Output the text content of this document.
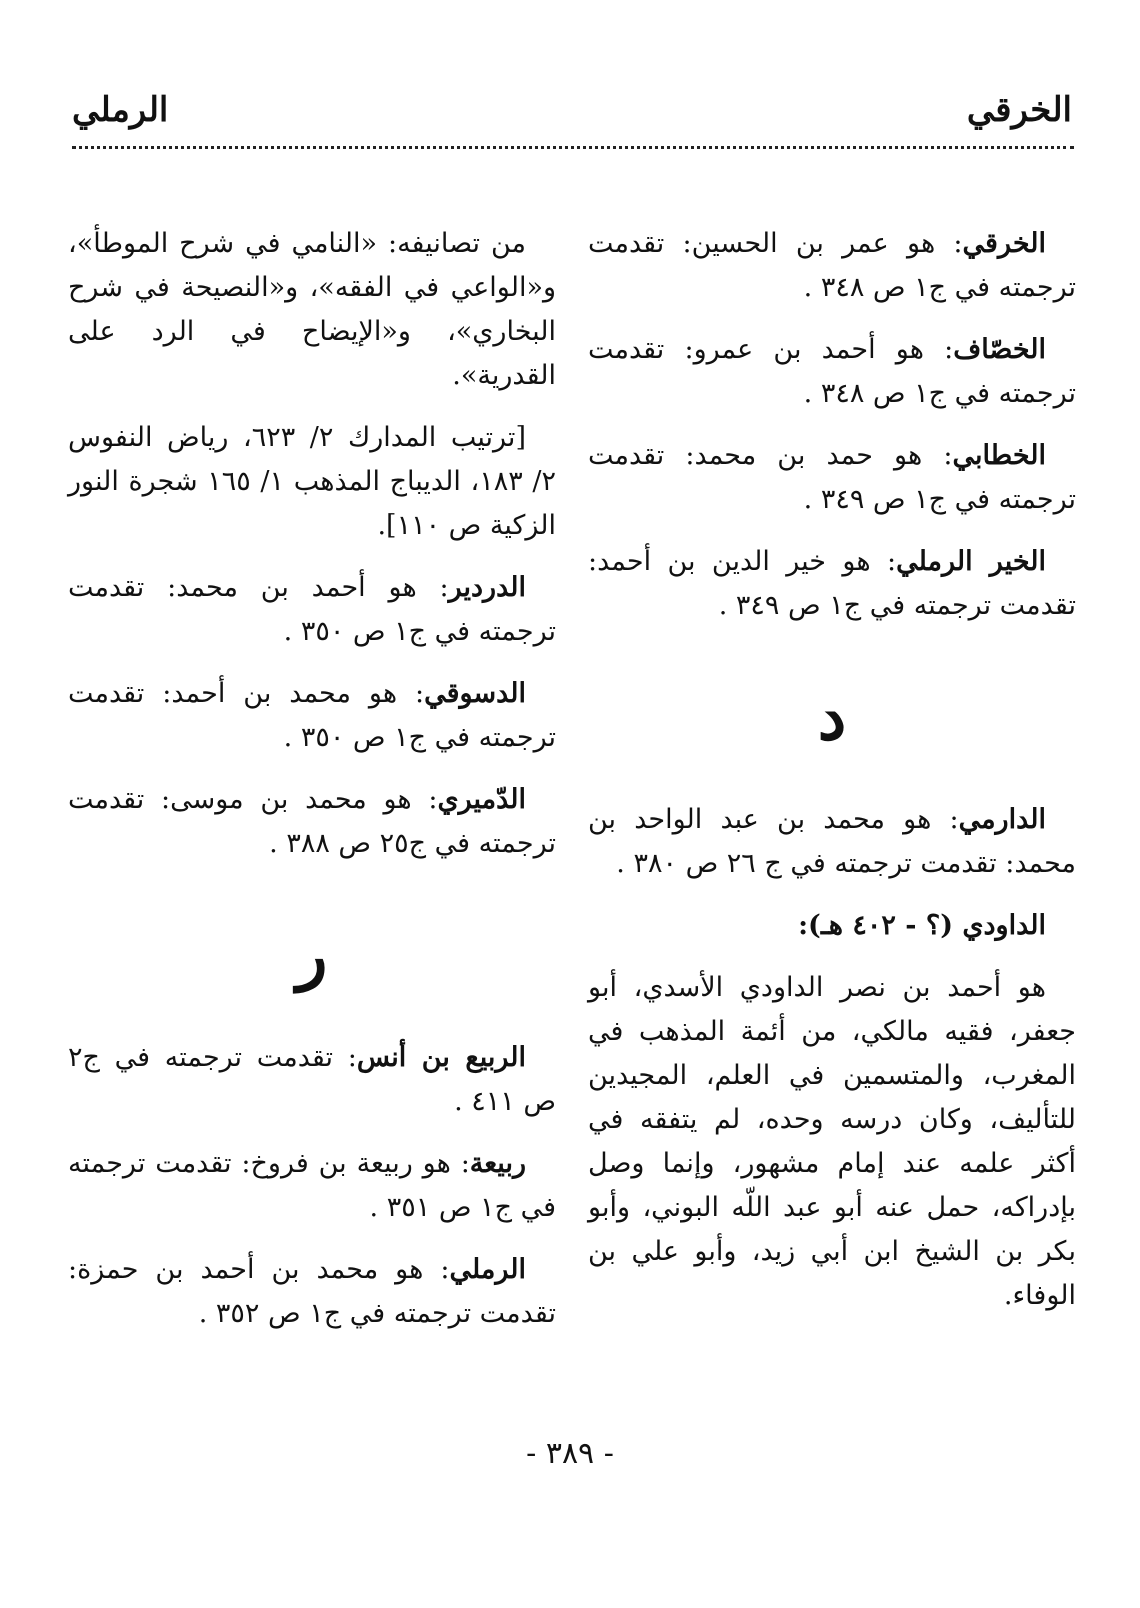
الخرقي
الرملي

الخرقي: هو عمر بن الحسين: تقدمت ترجمته في ج١ ص ٣٤٨ .

الخصّاف: هو أحمد بن عمرو: تقدمت ترجمته في ج١ ص ٣٤٨ .

الخطابي: هو حمد بن محمد: تقدمت ترجمته في ج١ ص ٣٤٩ .

الخير الرملي: هو خير الدين بن أحمد: تقدمت ترجمته في ج١ ص ٣٤٩ .

د

الدارمي: هو محمد بن عبد الواحد بن محمد: تقدمت ترجمته في ج ٢٦ ص ٣٨٠ .

الداودي (؟ - ٤٠٢ هـ):

هو أحمد بن نصر الداودي الأسدي، أبو جعفر، فقيه مالكي، من أئمة المذهب في المغرب، والمتسمين في العلم، المجيدين للتأليف، وكان درسه وحده، لم يتفقه في أكثر علمه عند إمام مشهور، وإنما وصل بإدراكه، حمل عنه أبو عبد اللّه البوني، وأبو بكر بن الشيخ ابن أبي زيد، وأبو علي بن الوفاء.

من تصانيفه: «النامي في شرح الموطأ»، و«الواعي في الفقه»، و«النصيحة في شرح البخاري»، و«الإيضاح في الرد على القدرية».

[ترتيب المدارك ٢/ ٦٢٣، رياض النفوس ٢/ ١٨٣، الديباج المذهب ١/ ١٦٥ شجرة النور الزكية ص ١١٠].

الدردير: هو أحمد بن محمد: تقدمت ترجمته في ج١ ص ٣٥٠ .

الدسوقي: هو محمد بن أحمد: تقدمت ترجمته في ج١ ص ٣٥٠ .

الدّميري: هو محمد بن موسى: تقدمت ترجمته في ج٢٥ ص ٣٨٨ .

ر

الربيع بن أنس: تقدمت ترجمته في ج٢ ص ٤١١ .

ربيعة: هو ربيعة بن فروخ: تقدمت ترجمته في ج١ ص ٣٥١ .

الرملي: هو محمد بن أحمد بن حمزة: تقدمت ترجمته في ج١ ص ٣٥٢ .

- ٣٨٩ -
